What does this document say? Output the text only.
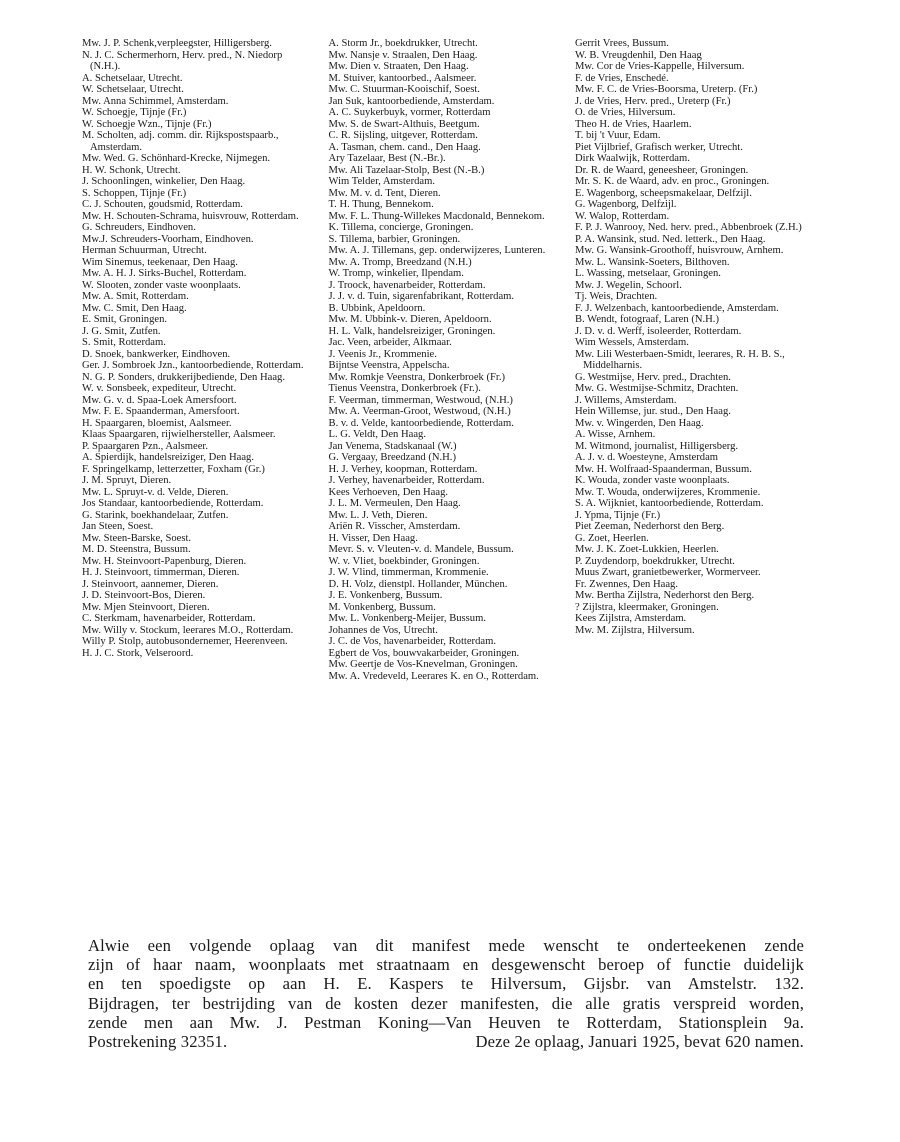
Mw. J. P. Schenk,verpleegster, Hilligersberg.

N. J. C. Schermerhorn, Herv. pred., N. Niedorp (N.H.).

A. Schetselaar, Utrecht.

W. Schetselaar, Utrecht.

Mw. Anna Schimmel, Amsterdam.

W. Schoegje, Tijnje (Fr.)

W. Schoegje Wzn., Tijnje (Fr.)

M. Scholten, adj. comm. dir. Rijkspostspaarb., Amsterdam.

Mw. Wed. G. Schönhard-Krecke, Nijmegen.

H. W. Schonk, Utrecht.

J. Schoonlingen, winkelier, Den Haag.

S. Schoppen, Tijnje (Fr.)

C. J. Schouten, goudsmid, Rotterdam.

Mw. H. Schouten-Schrama, huisvrouw, Rotterdam.

G. Schreuders, Eindhoven.

Mw.J. Schreuders-Voorham, Eindhoven.

Herman Schuurman, Utrecht.

Wim Sinemus, teekenaar, Den Haag.

Mw. A. H. J. Sirks-Buchel, Rotterdam.

W. Slooten, zonder vaste woonplaats.

Mw. A. Smit, Rotterdam.

Mw. C. Smit, Den Haag.

E. Smit, Groningen.

J. G. Smit, Zutfen.

S. Smit, Rotterdam.

D. Snoek, bankwerker, Eindhoven.

Ger. J. Sombroek Jzn., kantoorbediende, Rotterdam.

N. G. P. Sonders, drukkerijbediende, Den Haag.

W. v. Sonsbeek, expediteur, Utrecht.

Mw. G. v. d. Spaa-Loek Amersfoort.

Mw. F. E. Spaanderman, Amersfoort.

H. Spaargaren, bloemist, Aalsmeer.

Klaas Spaargaren, rijwielhersteller, Aalsmeer.

P. Spaargaren Pzn., Aalsmeer.

A. Spierdijk, handelsreiziger, Den Haag.

F. Springelkamp, letterzetter, Foxham (Gr.)

J. M. Spruyt, Dieren.

Mw. L. Spruyt-v. d. Velde, Dieren.

Jos Standaar, kantoorbediende, Rotterdam.

G. Starink, boekhandelaar, Zutfen.

Jan Steen, Soest.

Mw. Steen-Barske, Soest.

M. D. Steenstra, Bussum.

Mw. H. Steinvoort-Papenburg, Dieren.

H. J. Steinvoort, timmerman, Dieren.

J. Steinvoort, aannemer, Dieren.

J. D. Steinvoort-Bos, Dieren.

Mw. Mjen Steinvoort, Dieren.

C. Sterkmam, havenarbeider, Rotterdam.

Mw. Willy v. Stockum, leerares M.O., Rotterdam.

Willy P. Stolp, autobusondernemer, Heerenveen.

H. J. C. Stork, Velseroord.

A. Storm Jr., boekdrukker, Utrecht.

Mw. Nansje v. Straalen, Den Haag.

Mw. Dien v. Straaten, Den Haag.

M. Stuiver, kantoorbed., Aalsmeer.

Mw. C. Stuurman-Kooischif, Soest.

Jan Suk, kantoorbediende, Amsterdam.

A. C. Suykerbuyk, vormer, Rotterdam

Mw. S. de Swart-Althuis, Beetgum.

C. R. Sijsling, uitgever, Rotterdam.

A. Tasman, chem. cand., Den Haag.

Ary Tazelaar, Best (N.-Br.).

Mw. Ali Tazelaar-Stolp, Best (N.-B.)

Wim Telder, Amsterdam.

Mw. M. v. d. Tent, Dieren.

T. H. Thung, Bennekom.

Mw. F. L. Thung-Willekes Macdonald, Bennekom.

K. Tillema, concierge, Groningen.

S. Tillema, barbier, Groningen.

Mw. A. J. Tillemans, gep. onderwijzeres, Lunteren.

Mw. A. Tromp, Breedzand (N.H.)

W. Tromp, winkelier, Ilpendam.

J. Troock, havenarbeider, Rotterdam.

J. J. v. d. Tuin, sigarenfabrikant, Rotterdam.

B. Ubbink, Apeldoorn.

Mw. M. Ubbink-v. Dieren, Apeldoorn.

H. L. Valk, handelsreiziger, Groningen.

Jac. Veen, arbeider, Alkmaar.

J. Veenis Jr., Krommenie.

Bijntse Veenstra, Appelscha.

Mw. Romkje Veenstra, Donkerbroek (Fr.)

Tienus Veenstra, Donkerbroek (Fr.).

F. Veerman, timmerman, Westwoud, (N.H.)

Mw. A. Veerman-Groot, Westwoud, (N.H.)

B. v. d. Velde, kantoorbediende, Rotterdam.

L. G. Veldt, Den Haag.

Jan Venema, Stadskanaal (W.)

G. Vergaay, Breedzand (N.H.)

H. J. Verhey, koopman, Rotterdam.

J. Verhey, havenarbeider, Rotterdam.

Kees Verhoeven, Den Haag.

J. L. M. Vermeulen, Den Haag.

Mw. L. J. Veth, Dieren.

Ariën R. Visscher, Amsterdam.

H. Visser, Den Haag.

Mevr. S. v. Vleuten-v. d. Mandele, Bussum.

W. v. Vliet, boekbinder, Groningen.

J. W. Vlind, timmerman, Krommenie.

D. H. Volz, dienstpl. Hollander, München.

J. E. Vonkenberg, Bussum.

M. Vonkenberg, Bussum.

Mw. L. Vonkenberg-Meijer, Bussum.

Johannes de Vos, Utrecht.

J. C. de Vos, havenarbeider, Rotterdam.

Egbert de Vos, bouwvakarbeider, Groningen.

Mw. Geertje de Vos-Knevelman, Groningen.

Mw. A. Vredeveld, Leerares K. en O., Rotterdam.

Gerrit Vrees, Bussum.

W. B. Vreugdenhil, Den Haag

Mw. Cor de Vries-Kappelle, Hilversum.

F. de Vries, Enschedé.

Mw. F. C. de Vries-Boorsma, Ureterp. (Fr.)

J. de Vries, Herv. pred., Ureterp (Fr.)

O. de Vries, Hilversum.

Theo H. de Vries, Haarlem.

T. bij 't Vuur, Edam.

Piet Vijlbrief, Grafisch werker, Utrecht.

Dirk Waalwijk, Rotterdam.

Dr. R. de Waard, geneesheer, Groningen.

Mr. S. K. de Waard, adv. en proc., Groningen.

E. Wagenborg, scheepsmakelaar, Delfzijl.

G. Wagenborg, Delfzijl.

W. Walop, Rotterdam.

F. P. J. Wanrooy, Ned. herv. pred., Abbenbroek (Z.H.)

P. A. Wansink, stud. Ned. letterk., Den Haag.

Mw. G. Wansink-Groothoff, huisvrouw, Arnhem.

Mw. L. Wansink-Soeters, Bilthoven.

L. Wassing, metselaar, Groningen.

Mw. J. Wegelin, Schoorl.

Tj. Weis, Drachten.

F. J. Welzenbach, kantoorbediende, Amsterdam.

B. Wendt, fotograaf, Laren (N.H.)

J. D. v. d. Werff, isoleerder, Rotterdam.

Wim Wessels, Amsterdam.

Mw. Lili Westerbaen-Smidt, leerares, R. H. B. S., Middelharnis.

G. Westmijse, Herv. pred., Drachten.

Mw. G. Westmijse-Schmitz, Drachten.

J. Willems, Amsterdam.

Hein Willemse, jur. stud., Den Haag.

Mw. v. Wingerden, Den Haag.

A. Wisse, Arnhem.

M. Witmond, journalist, Hilligersberg.

A. J. v. d. Woesteyne, Amsterdam

Mw. H. Wolfraad-Spaanderman, Bussum.

K. Wouda, zonder vaste woonplaats.

Mw. T. Wouda, onderwijzeres, Krommenie.

S. A. Wijkniet, kantoorbediende, Rotterdam.

J. Ypma, Tijnje (Fr.)

Piet Zeeman, Nederhorst den Berg.

G. Zoet, Heerlen.

Mw. J. K. Zoet-Lukkien, Heerlen.

P. Zuydendorp, boekdrukker, Utrecht.

Muus Zwart, granietbewerker, Wormerveer.

Fr. Zwennes, Den Haag.

Mw. Bertha Zijlstra, Nederhorst den Berg.

? Zijlstra, kleermaker, Groningen.

Kees Zijlstra, Amsterdam.

Mw. M. Zijlstra, Hilversum.

Alwie een volgende oplaag van dit manifest mede wenscht te onderteekenen zende
zijn of haar naam, woonplaats met straatnaam en desgewenscht beroep of functie duidelijk
en ten spoedigste op aan H. E. Kaspers te Hilversum, Gijsbr. van Amstelstr. 132.
Bijdragen, ter bestrijding van de kosten dezer manifesten, die alle gratis verspreid worden,
zende men aan Mw. J. Pestman Koning—Van Heuven te Rotterdam, Stationsplein 9a.
Postrekening 32351.	Deze 2e oplaag, Januari 1925, bevat 620 namen.
